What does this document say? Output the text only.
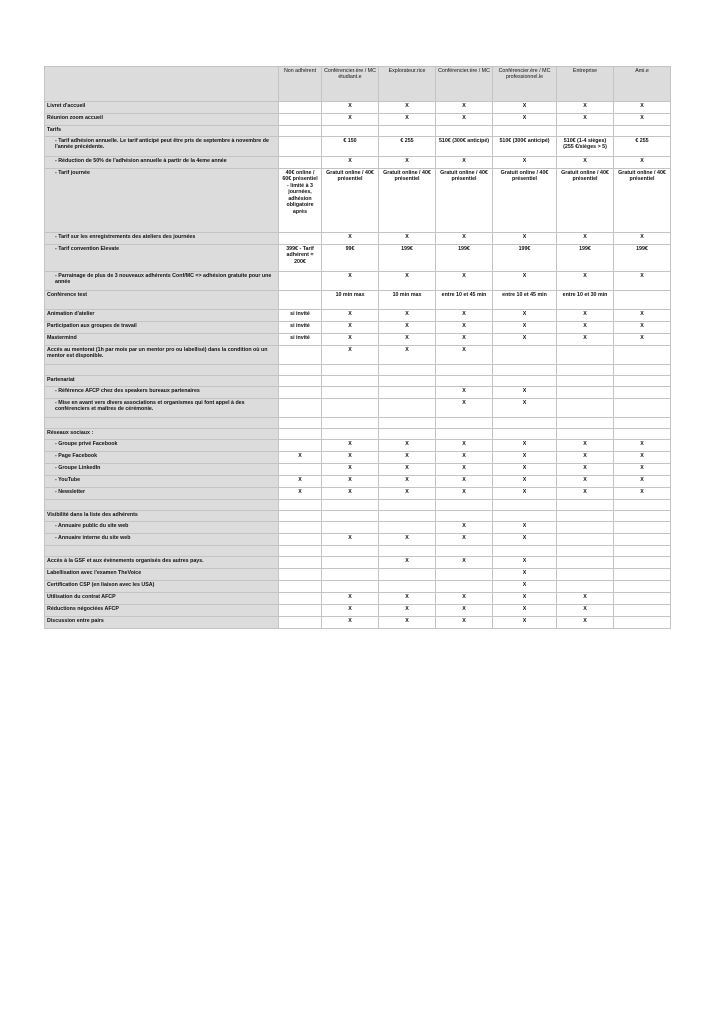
	Non adhérent	Conférencier.ère / MC étudiant.e	Explorateur.rice	Conférencier.ère / MC	Conférencier.ère / MC professionnel.le	Entreprise	Ami.e
Livret d'accueil		X	X	X	X	X	X
Réunion zoom accueil		X	X	X	X	X	X
Tarifs							
- Tarif adhésion annuelle. Le tarif anticipé peut être pris de septembre à novembre de l'année précédente.		€ 150	€ 255	510€ (300€ anticipé)	510€ (300€ anticipé)	510€ (1-4 sièges) (255 €/sièges > 5)	€ 255
- Réduction de 50% de l'adhésion annuelle à partir de la 4eme année		X	X	X	X	X	X
- Tarif journée	40€ online / 60€ présentiel - limité à 3 journées, adhésion obligatoire après	Gratuit online / 40€ présentiel	Gratuit online / 40€ présentiel	Gratuit online / 40€ présentiel	Gratuit online / 40€ présentiel	Gratuit online / 40€ présentiel	Gratuit online / 40€ présentiel
- Tarif sur les enregistrements des ateliers des journées		X	X	X	X	X	X
- Tarif convention Elevate	399€ - Tarif adhérent = 200€	99€	199€	199€	199€	199€	199€
- Parrainage de plus de 3 nouveaux adhérents Conf/MC => adhésion gratuite pour une année		X	X	X	X	X	X
Conférence test		10 min max	10 min max	entre 10 et 45 min	entre 10 et 45 min	entre 10 et 30 min	
Animation d'atelier	si invité	X	X	X	X	X	X
Participation aux groupes de travail	si invité	X	X	X	X	X	X
Mastermind	si invité	X	X	X	X	X	X
Accès au mentorat (1h par mois par un mentor pro ou labellisé) dans la condition où un mentor est disponible.		X	X	X			

Partenariat							
- Référence AFCP chez des speakers bureaux partenaires				X	X		
- Mise en avant vers divers associations et organismes qui font appel à des conférenciers et maîtres de cérémonie.				X	X		

Réseaux sociaux :							
- Groupe privé Facebook		X	X	X	X	X	X
- Page Facebook	X	X	X	X	X	X	X
- Groupe LinkedIn		X	X	X	X	X	X
- YouTube	X	X	X	X	X	X	X
- Newsletter	X	X	X	X	X	X	X

Visibilité dans la liste des adhérents							
- Annuaire public du site web				X	X		
- Annuaire interne du site web		X	X	X	X		

Accès à la GSF et aux évènements organisés des autres pays.			X	X	X		
Labellisation avec l'examen TheVoice					X		
Certification CSP (en liaison avec les USA)					X		
Utilisation du contrat AFCP		X	X	X	X	X	
Réductions négociées AFCP		X	X	X	X	X	
Discussion entre pairs		X	X	X	X	X	
